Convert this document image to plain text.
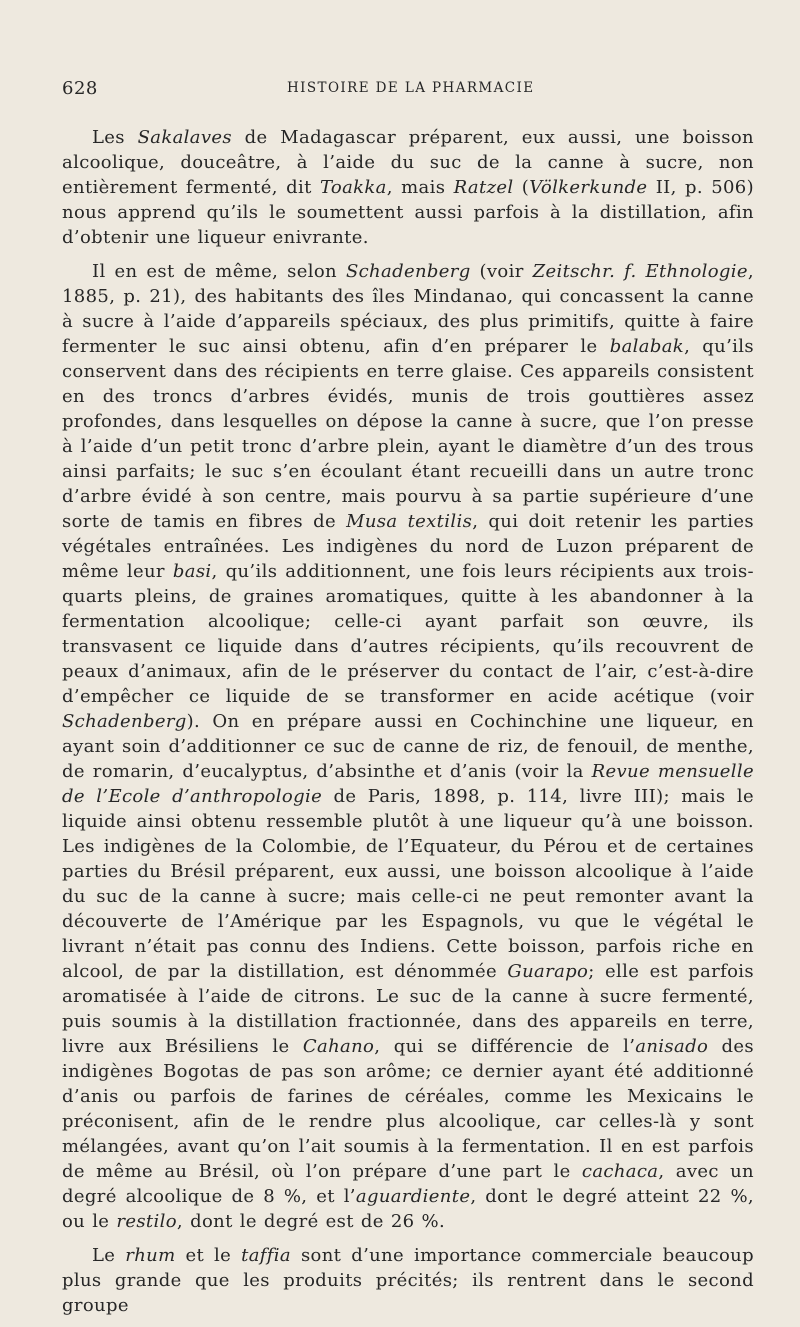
628	HISTOIRE DE LA PHARMACIE

Les Sakalaves de Madagascar préparent, eux aussi, une boisson alcoolique, douceâtre, à l’aide du suc de la canne à sucre, non entièrement fermenté, dit Toakka, mais Ratzel (Völkerkunde II, p. 506) nous apprend qu’ils le soumettent aussi parfois à la distillation, afin d’obtenir une liqueur enivrante.

Il en est de même, selon Schadenberg (voir Zeitschr. f. Ethnologie, 1885, p. 21), des habitants des îles Mindanao, qui concassent la canne à sucre à l’aide d’appareils spéciaux, des plus primitifs, quitte à faire fermenter le suc ainsi obtenu, afin d’en préparer le balabak, qu’ils conservent dans des récipients en terre glaise. Ces appareils consistent en des troncs d’arbres évidés, munis de trois gouttières assez profondes, dans lesquelles on dépose la canne à sucre, que l’on presse à l’aide d’un petit tronc d’arbre plein, ayant le diamètre d’un des trous ainsi parfaits; le suc s’en écoulant étant recueilli dans un autre tronc d’arbre évidé à son centre, mais pourvu à sa partie supérieure d’une sorte de tamis en fibres de Musa textilis, qui doit retenir les parties végétales entraînées. Les indigènes du nord de Luzon préparent de même leur basi, qu’ils additionnent, une fois leurs récipients aux trois-quarts pleins, de graines aromatiques, quitte à les abandonner à la fermentation alcoolique; celle-ci ayant parfait son œuvre, ils transvasent ce liquide dans d’autres récipients, qu’ils recouvrent de peaux d’animaux, afin de le préserver du contact de l’air, c’est-à-dire d’empêcher ce liquide de se transformer en acide acétique (voir Schadenberg). On en prépare aussi en Cochinchine une liqueur, en ayant soin d’additionner ce suc de canne de riz, de fenouil, de menthe, de romarin, d’eucalyptus, d’absinthe et d’anis (voir la Revue mensuelle de l’Ecole d’anthropologie de Paris, 1898, p. 114, livre III); mais le liquide ainsi obtenu ressemble plutôt à une liqueur qu’à une boisson. Les indigènes de la Colombie, de l’Equateur, du Pérou et de certaines parties du Brésil préparent, eux aussi, une boisson alcoolique à l’aide du suc de la canne à sucre; mais celle-ci ne peut remonter avant la découverte de l’Amérique par les Espagnols, vu que le végétal le livrant n’était pas connu des Indiens. Cette boisson, parfois riche en alcool, de par la distillation, est dénommée Guarapo; elle est parfois aromatisée à l’aide de citrons. Le suc de la canne à sucre fermenté, puis soumis à la distillation fractionnée, dans des appareils en terre, livre aux Brésiliens le Cahano, qui se différencie de l’anisado des indigènes Bogotas de pas son arôme; ce dernier ayant été additionné d’anis ou parfois de farines de céréales, comme les Mexicains le préconisent, afin de le rendre plus alcoolique, car celles-là y sont mélangées, avant qu’on l’ait soumis à la fermentation. Il en est parfois de même au Brésil, où l’on prépare d’une part le cachaca, avec un degré alcoolique de 8 %, et l’aguardiente, dont le degré atteint 22 %, ou le restilo, dont le degré est de 26 %.

Le rhum et le taffia sont d’une importance commerciale beaucoup plus grande que les produits précités; ils rentrent dans le second groupe
